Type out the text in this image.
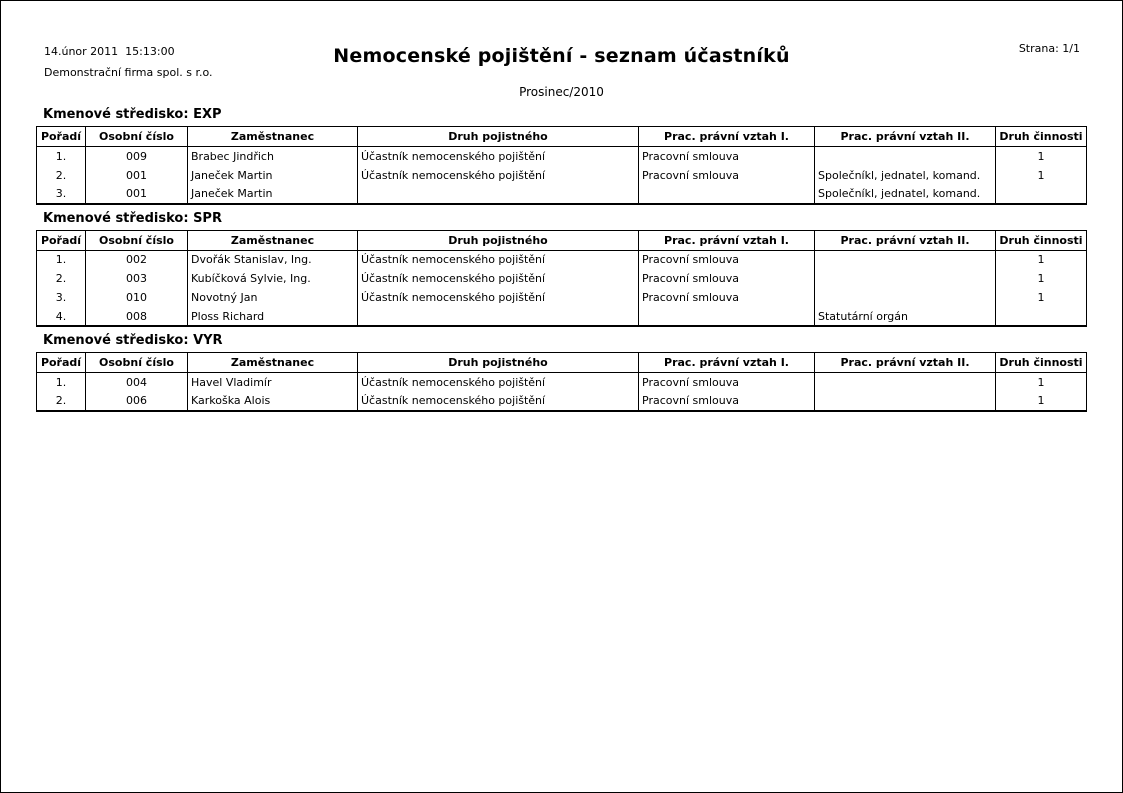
14.únor 2011  15:13:00
Demonstrační firma spol. s r.o.
Nemocenské pojištění - seznam účastníků
Prosinec/2010
Strana: 1/1
Kmenové středisko: EXP
Pořadí	Osobní číslo	Zaměstnanec	Druh pojistného	Prac. právní vztah I.	Prac. právní vztah II.	Druh činnosti
1.	009	Brabec Jindřich	Účastník nemocenského pojištění	Pracovní smlouva		1
2.	001	Janeček Martin	Účastník nemocenského pojištění	Pracovní smlouva	Společníkl, jednatel, komand.	1
3.	001	Janeček Martin			Společníkl, jednatel, komand.	
Kmenové středisko: SPR
Pořadí	Osobní číslo	Zaměstnanec	Druh pojistného	Prac. právní vztah I.	Prac. právní vztah II.	Druh činnosti
1.	002	Dvořák Stanislav, Ing.	Účastník nemocenského pojištění	Pracovní smlouva		1
2.	003	Kubíčková Sylvie, Ing.	Účastník nemocenského pojištění	Pracovní smlouva		1
3.	010	Novotný Jan	Účastník nemocenského pojištění	Pracovní smlouva		1
4.	008	Ploss Richard			Statutární orgán	
Kmenové středisko: VYR
Pořadí	Osobní číslo	Zaměstnanec	Druh pojistného	Prac. právní vztah I.	Prac. právní vztah II.	Druh činnosti
1.	004	Havel Vladimír	Účastník nemocenského pojištění	Pracovní smlouva		1
2.	006	Karkoška Alois	Účastník nemocenského pojištění	Pracovní smlouva		1
